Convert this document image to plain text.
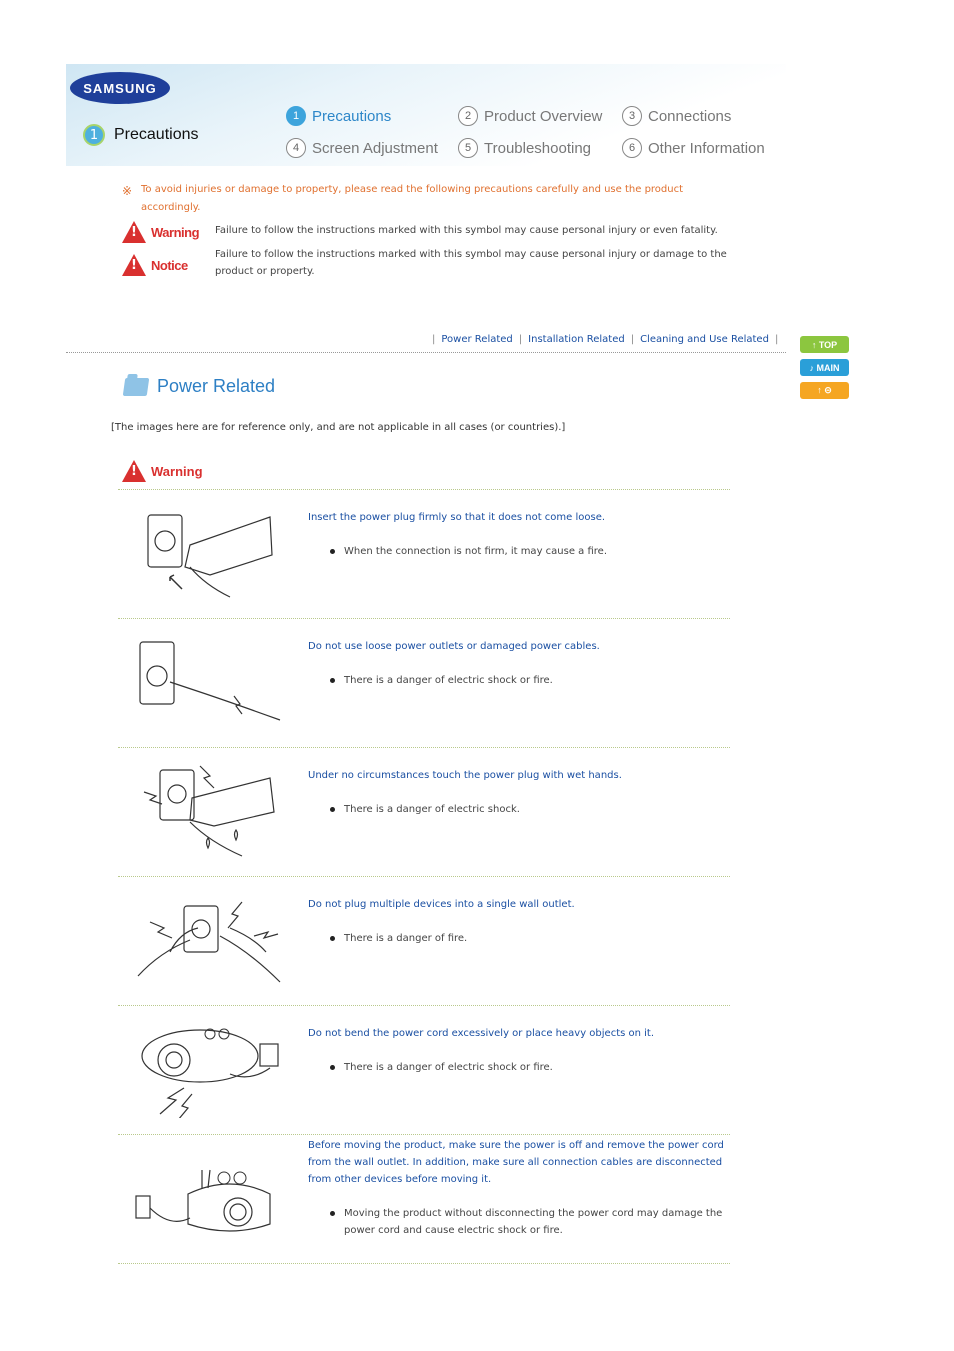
SAMSUNG
1 Precautions
1 Precautions	2 Product Overview	3 Connections
4 Screen Adjustment	5 Troubleshooting	6 Other Information
※ To avoid injuries or damage to property, please read the following precautions carefully and use the product accordingly.
! Warning Failure to follow the instructions marked with this symbol may cause personal injury or even fatality.
! Notice
Failure to follow the instructions marked with this symbol may cause personal injury or damage to the product or property.
| Power Related | Installation Related | Cleaning and Use Related |	↑ TOP
♪ MAIN
↑ ⊝
Power Related
[The images here are for reference only, and are not applicable in all cases (or countries).]
! Warning
Insert the power plug firmly so that it does not come loose.
When the connection is not firm, it may cause a fire.
Do not use loose power outlets or damaged power cables.
There is a danger of electric shock or fire.
Under no circumstances touch the power plug with wet hands.
There is a danger of electric shock.
Do not plug multiple devices into a single wall outlet.
There is a danger of fire.
Do not bend the power cord excessively or place heavy objects on it.
There is a danger of electric shock or fire.
Before moving the product, make sure the power is off and remove the power cord from the wall outlet. In addition, make sure all connection cables are disconnected from other devices before moving it.
Moving the product without disconnecting the power cord may damage the power cord and cause electric shock or fire.
